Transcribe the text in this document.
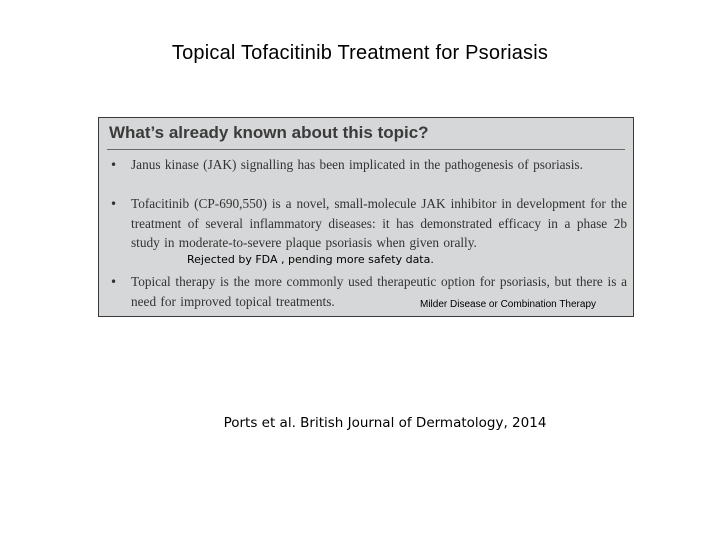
Topical Tofacitinib Treatment for Psoriasis
What’s already known about this topic?
• Janus kinase (JAK) signalling has been implicated in the pathogenesis of psoriasis.
• Tofacitinib (CP-690,550) is a novel, small-molecule JAK inhibitor in development for the treatment of several inflammatory diseases: it has demonstrated efficacy in a phase 2b study in moderate-to-severe plaque psoriasis when given orally.
• Topical therapy is the more commonly used therapeutic option for psoriasis, but there is a need for improved topical treatments.
Rejected by FDA , pending more safety data.
Milder Disease or Combination Therapy
Ports et al. British Journal of Dermatology, 2014
